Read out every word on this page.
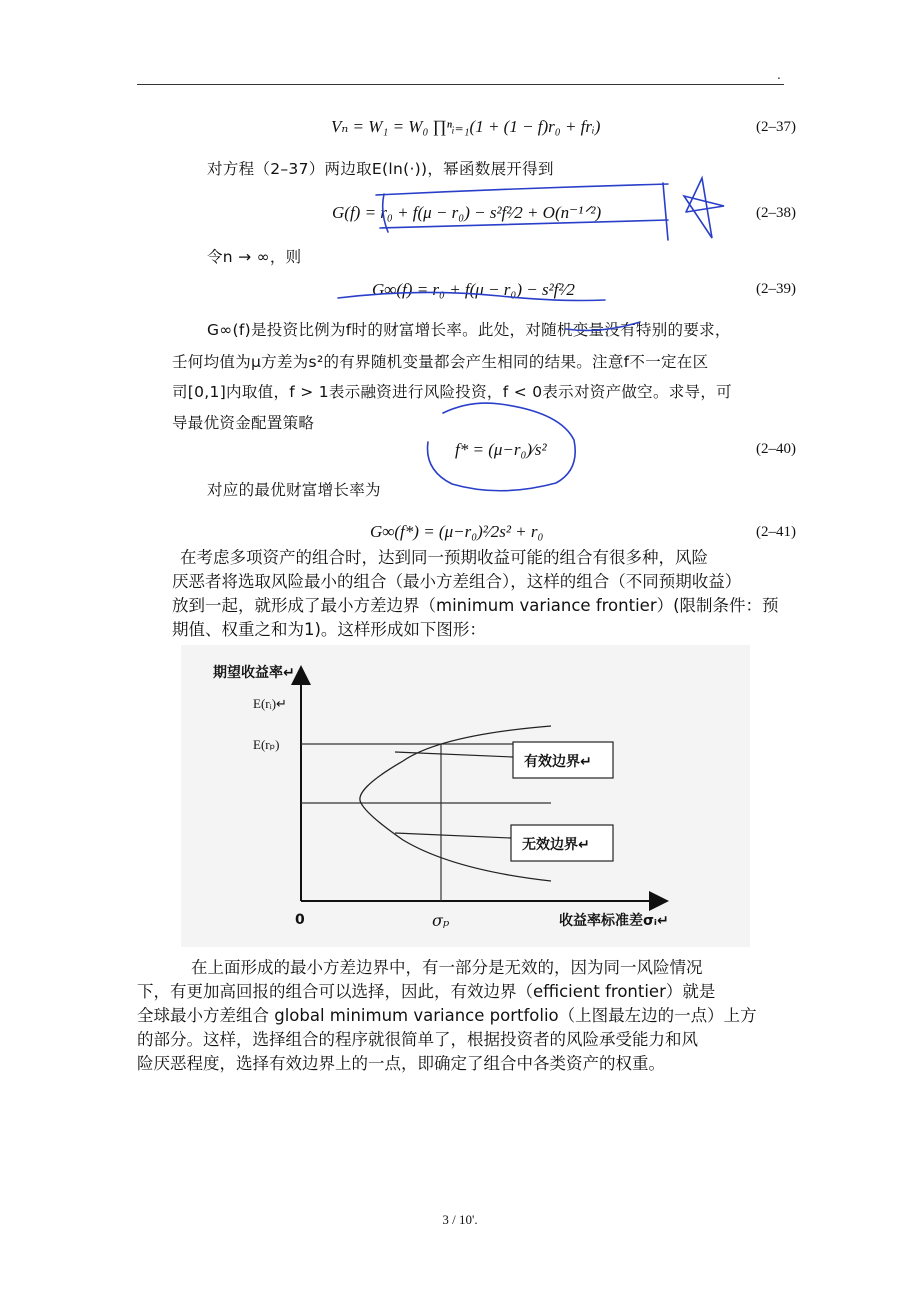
.
Vₙ = W₁ = W₀ ∏ⁿᵢ₌₁(1 + (1 − f)r₀ + frᵢ)	(2–37)
对方程（2–37）两边取E(ln(·))，幂函数展开得到
G(f) = r₀ + f(μ − r₀) − s²f²⁄2 + O(n⁻¹ᐟ²)	(2–38)
令n → ∞，则
G∞(f) = r₀ + f(μ − r₀) − s²f²⁄2	(2–39)
G∞(f)是投资比例为f时的财富增长率。此处，对随机变量没有特别的要求，
壬何均值为μ方差为s²的有界随机变量都会产生相同的结果。注意f不一定在区
司[0,1]内取值，f > 1表示融资进行风险投资，f < 0表示对资产做空。求导，可
导最优资金配置策略
f* = (μ−r₀)⁄s²	(2–40)
对应的最优财富增长率为
G∞(f*) = (μ−r₀)²⁄2s² + r₀	(2–41)
在考虑多项资产的组合时，达到同一预期收益可能的组合有很多种，风险
厌恶者将选取风险最小的组合（最小方差组合），这样的组合（不同预期收益）
放到一起，就形成了最小方差边界（minimum variance frontier）(限制条件：预
期值、权重之和为1)。这样形成如下图形：
期望收益率↵
E(rᵢ)↵
E(rₚ)
0	σₚ	收益率标准差σᵢ↵
有效边界↵
无效边界↵
在上面形成的最小方差边界中，有一部分是无效的，因为同一风险情况
下，有更加高回报的组合可以选择，因此，有效边界（efficient frontier）就是
全球最小方差组合 global minimum variance portfolio（上图最左边的一点）上方
的部分。这样，选择组合的程序就很简单了，根据投资者的风险承受能力和风
险厌恶程度，选择有效边界上的一点，即确定了组合中各类资产的权重。
3 / 10'.
